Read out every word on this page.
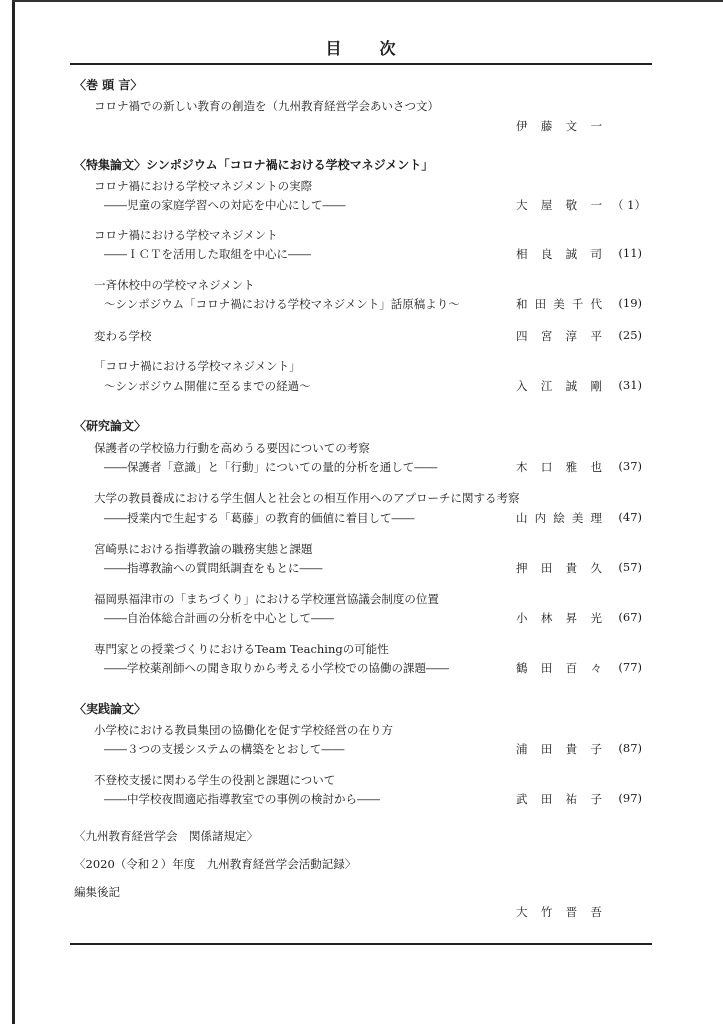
目　　次
〈巻 頭 言〉
コロナ禍での新しい教育の創造を（九州教育経営学会あいさつ文）
伊藤文一
〈特集論文〉シンポジウム「コロナ禍における学校マネジメント」
コロナ禍における学校マネジメントの実際
――児童の家庭学習への対応を中心にして――	大屋敬一 （ 1）
コロナ禍における学校マネジメント
――ＩＣＴを活用した取組を中心に――	相良誠司	(11)
一斉休校中の学校マネジメント
～シンポジウム「コロナ禍における学校マネジメント」話原稿より～	和田美千代	(19)
変わる学校	四宮淳平	(25)
「コロナ禍における学校マネジメント」
～シンポジウム開催に至るまでの経過～	入江誠剛	(31)
〈研究論文〉
保護者の学校協力行動を高めうる要因についての考察
――保護者「意識」と「行動」についての量的分析を通して――	木口雅也	(37)
大学の教員養成における学生個人と社会との相互作用へのアプローチに関する考察
――授業内で生起する「葛藤」の教育的価値に着目して――	山内絵美理	(47)
宮崎県における指導教諭の職務実態と課題
――指導教諭への質問紙調査をもとに――	押田貴久	(57)
福岡県福津市の「まちづくり」における学校運営協議会制度の位置
――自治体総合計画の分析を中心として――	小林昇光	(67)
専門家との授業づくりにおけるTeam Teachingの可能性
――学校薬剤師への聞き取りから考える小学校での協働の課題――	鶴田百々	(77)
〈実践論文〉
小学校における教員集団の協働化を促す学校経営の在り方
――３つの支援システムの構築をとおして――	浦田貴子	(87)
不登校支援に関わる学生の役割と課題について
――中学校夜間適応指導教室での事例の検討から――	武田祐子	(97)
〈九州教育経営学会　関係諸規定〉
〈2020（令和２）年度　九州教育経営学会活動記録〉
編集後記
大竹晋吾
